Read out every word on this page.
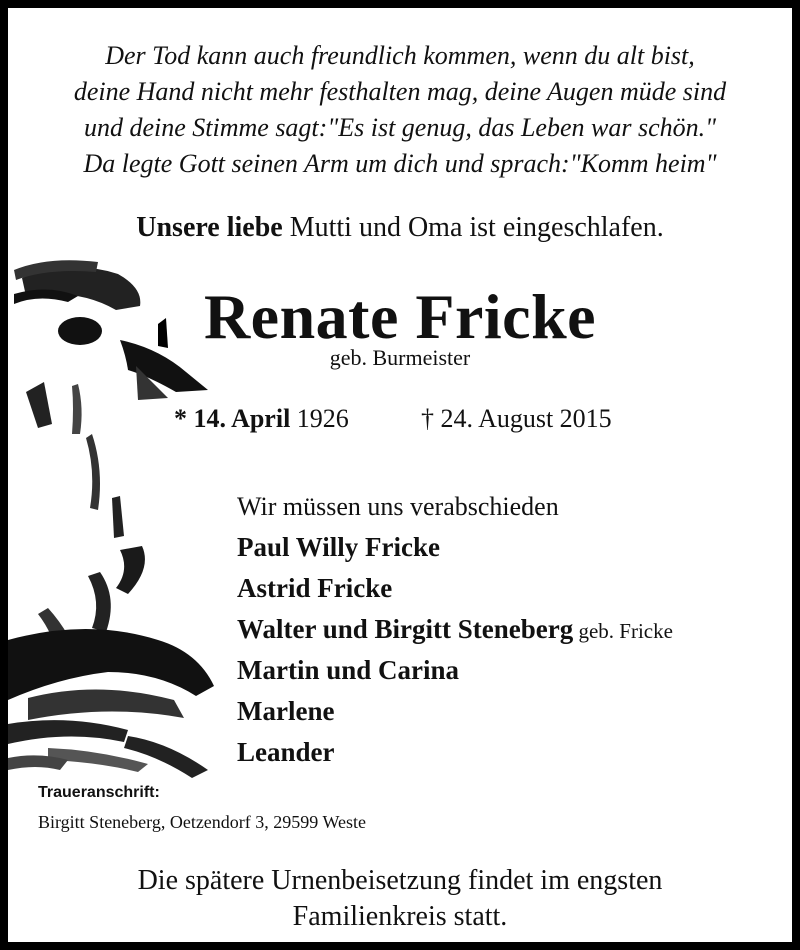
Der Tod kann auch freundlich kommen, wenn du alt bist,
deine Hand nicht mehr festhalten mag, deine Augen müde sind
und deine Stimme sagt:"Es ist genug, das Leben war schön."
Da legte Gott seinen Arm um dich und sprach:"Komm heim"
Unsere liebe Mutti und Oma ist eingeschlafen.
Renate Fricke
geb. Burmeister
* 14. April 1926	† 24. August 2015
Wir müssen uns verabschieden
Paul Willy Fricke
Astrid Fricke
Walter und Birgitt Steneberg geb. Fricke
Martin und Carina
Marlene
Leander
Traueranschrift:
Birgitt Steneberg, Oetzendorf 3, 29599 Weste
Die spätere Urnenbeisetzung findet im engsten
Familienkreis statt.
